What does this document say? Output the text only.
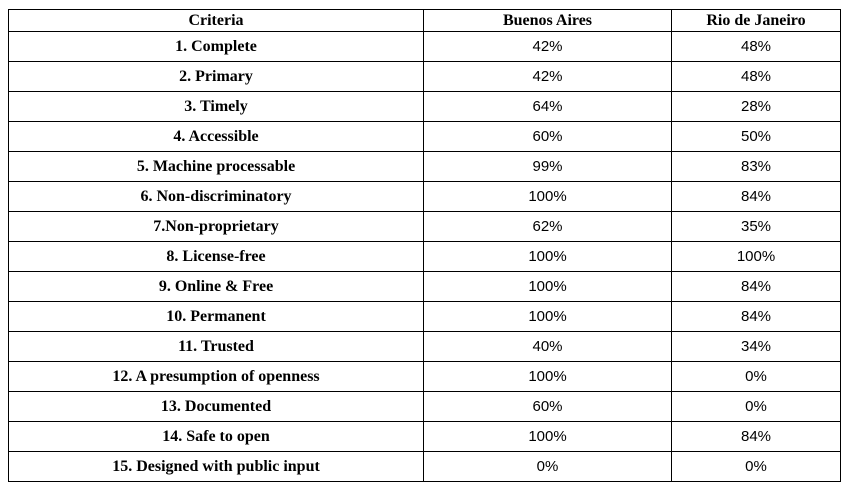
Criteria	Buenos Aires	Rio de Janeiro
1. Complete	42%	48%
2. Primary	42%	48%
3. Timely	64%	28%
4. Accessible	60%	50%
5. Machine processable	99%	83%
6. Non-discriminatory	100%	84%
7.Non-proprietary	62%	35%
8. License-free	100%	100%
9. Online & Free	100%	84%
10. Permanent	100%	84%
11. Trusted	40%	34%
12. A presumption of openness	100%	0%
13. Documented	60%	0%
14. Safe to open	100%	84%
15. Designed with public input	0%	0%
